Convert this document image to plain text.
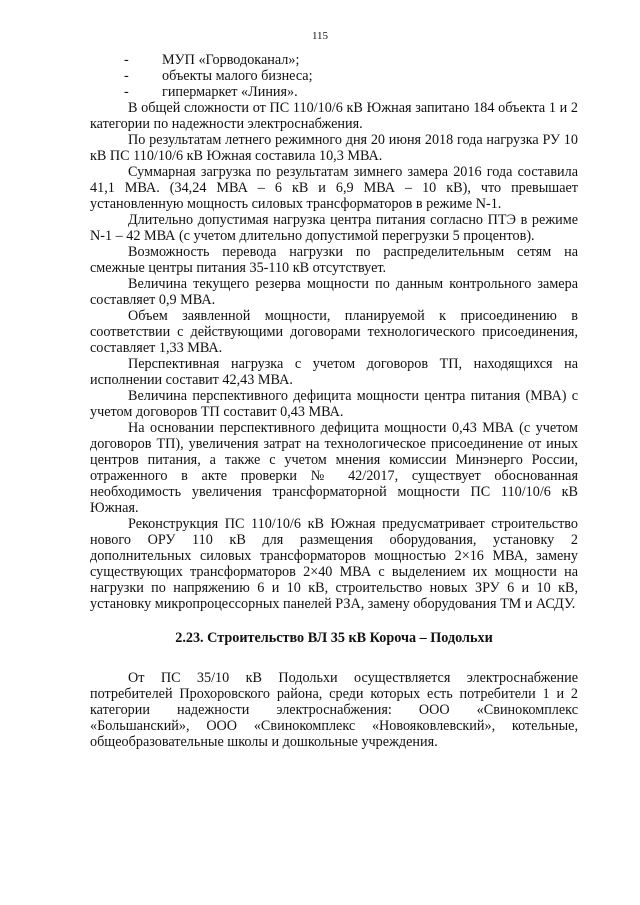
115
- МУП «Горводоканал»;
- объекты малого бизнеса;
- гипермаркет «Линия».

В общей сложности от ПС 110/10/6 кВ Южная запитано 184 объекта 1 и 2 категории по надежности электроснабжения.

По результатам летнего режимного дня 20 июня 2018 года нагрузка РУ 10 кВ ПС 110/10/6 кВ Южная составила 10,3 МВА.

Суммарная загрузка по результатам зимнего замера 2016 года составила 41,1 МВА. (34,24 МВА – 6 кВ и 6,9 МВА – 10 кВ), что превышает установленную мощность силовых трансформаторов в режиме N-1.

Длительно допустимая нагрузка центра питания согласно ПТЭ в режиме N-1 – 42 МВА (с учетом длительно допустимой перегрузки 5 процентов).

Возможность перевода нагрузки по распределительным сетям на смежные центры питания 35-110 кВ отсутствует.

Величина текущего резерва мощности по данным контрольного замера составляет 0,9 МВА.

Объем заявленной мощности, планируемой к присоединению в соответствии с действующими договорами технологического присоединения, составляет 1,33 МВА.

Перспективная нагрузка с учетом договоров ТП, находящихся на исполнении составит 42,43 МВА.

Величина перспективного дефицита мощности центра питания (МВА) с учетом договоров ТП составит 0,43 МВА.

На основании перспективного дефицита мощности 0,43 МВА (с учетом договоров ТП), увеличения затрат на технологическое присоединение от иных центров питания, а также с учетом мнения комиссии Минэнерго России, отраженного в акте проверки № 42/2017, существует обоснованная необходимость увеличения трансформаторной мощности ПС 110/10/6 кВ Южная.

Реконструкция ПС 110/10/6 кВ Южная предусматривает строительство нового ОРУ 110 кВ для размещения оборудования, установку 2 дополнительных силовых трансформаторов мощностью 2×16 МВА, замену существующих трансформаторов 2×40 МВА с выделением их мощности на нагрузки по напряжению 6 и 10 кВ, строительство новых ЗРУ 6 и 10 кВ, установку микропроцессорных панелей РЗА, замену оборудования ТМ и АСДУ.

2.23. Строительство ВЛ 35 кВ Короча – Подольхи

От ПС 35/10 кВ Подольхи осуществляется электроснабжение потребителей Прохоровского района, среди которых есть потребители 1 и 2 категории надежности электроснабжения: ООО «Свинокомплекс «Большанский», ООО «Свинокомплекс «Новояковлевский», котельные, общеобразовательные школы и дошкольные учреждения.
